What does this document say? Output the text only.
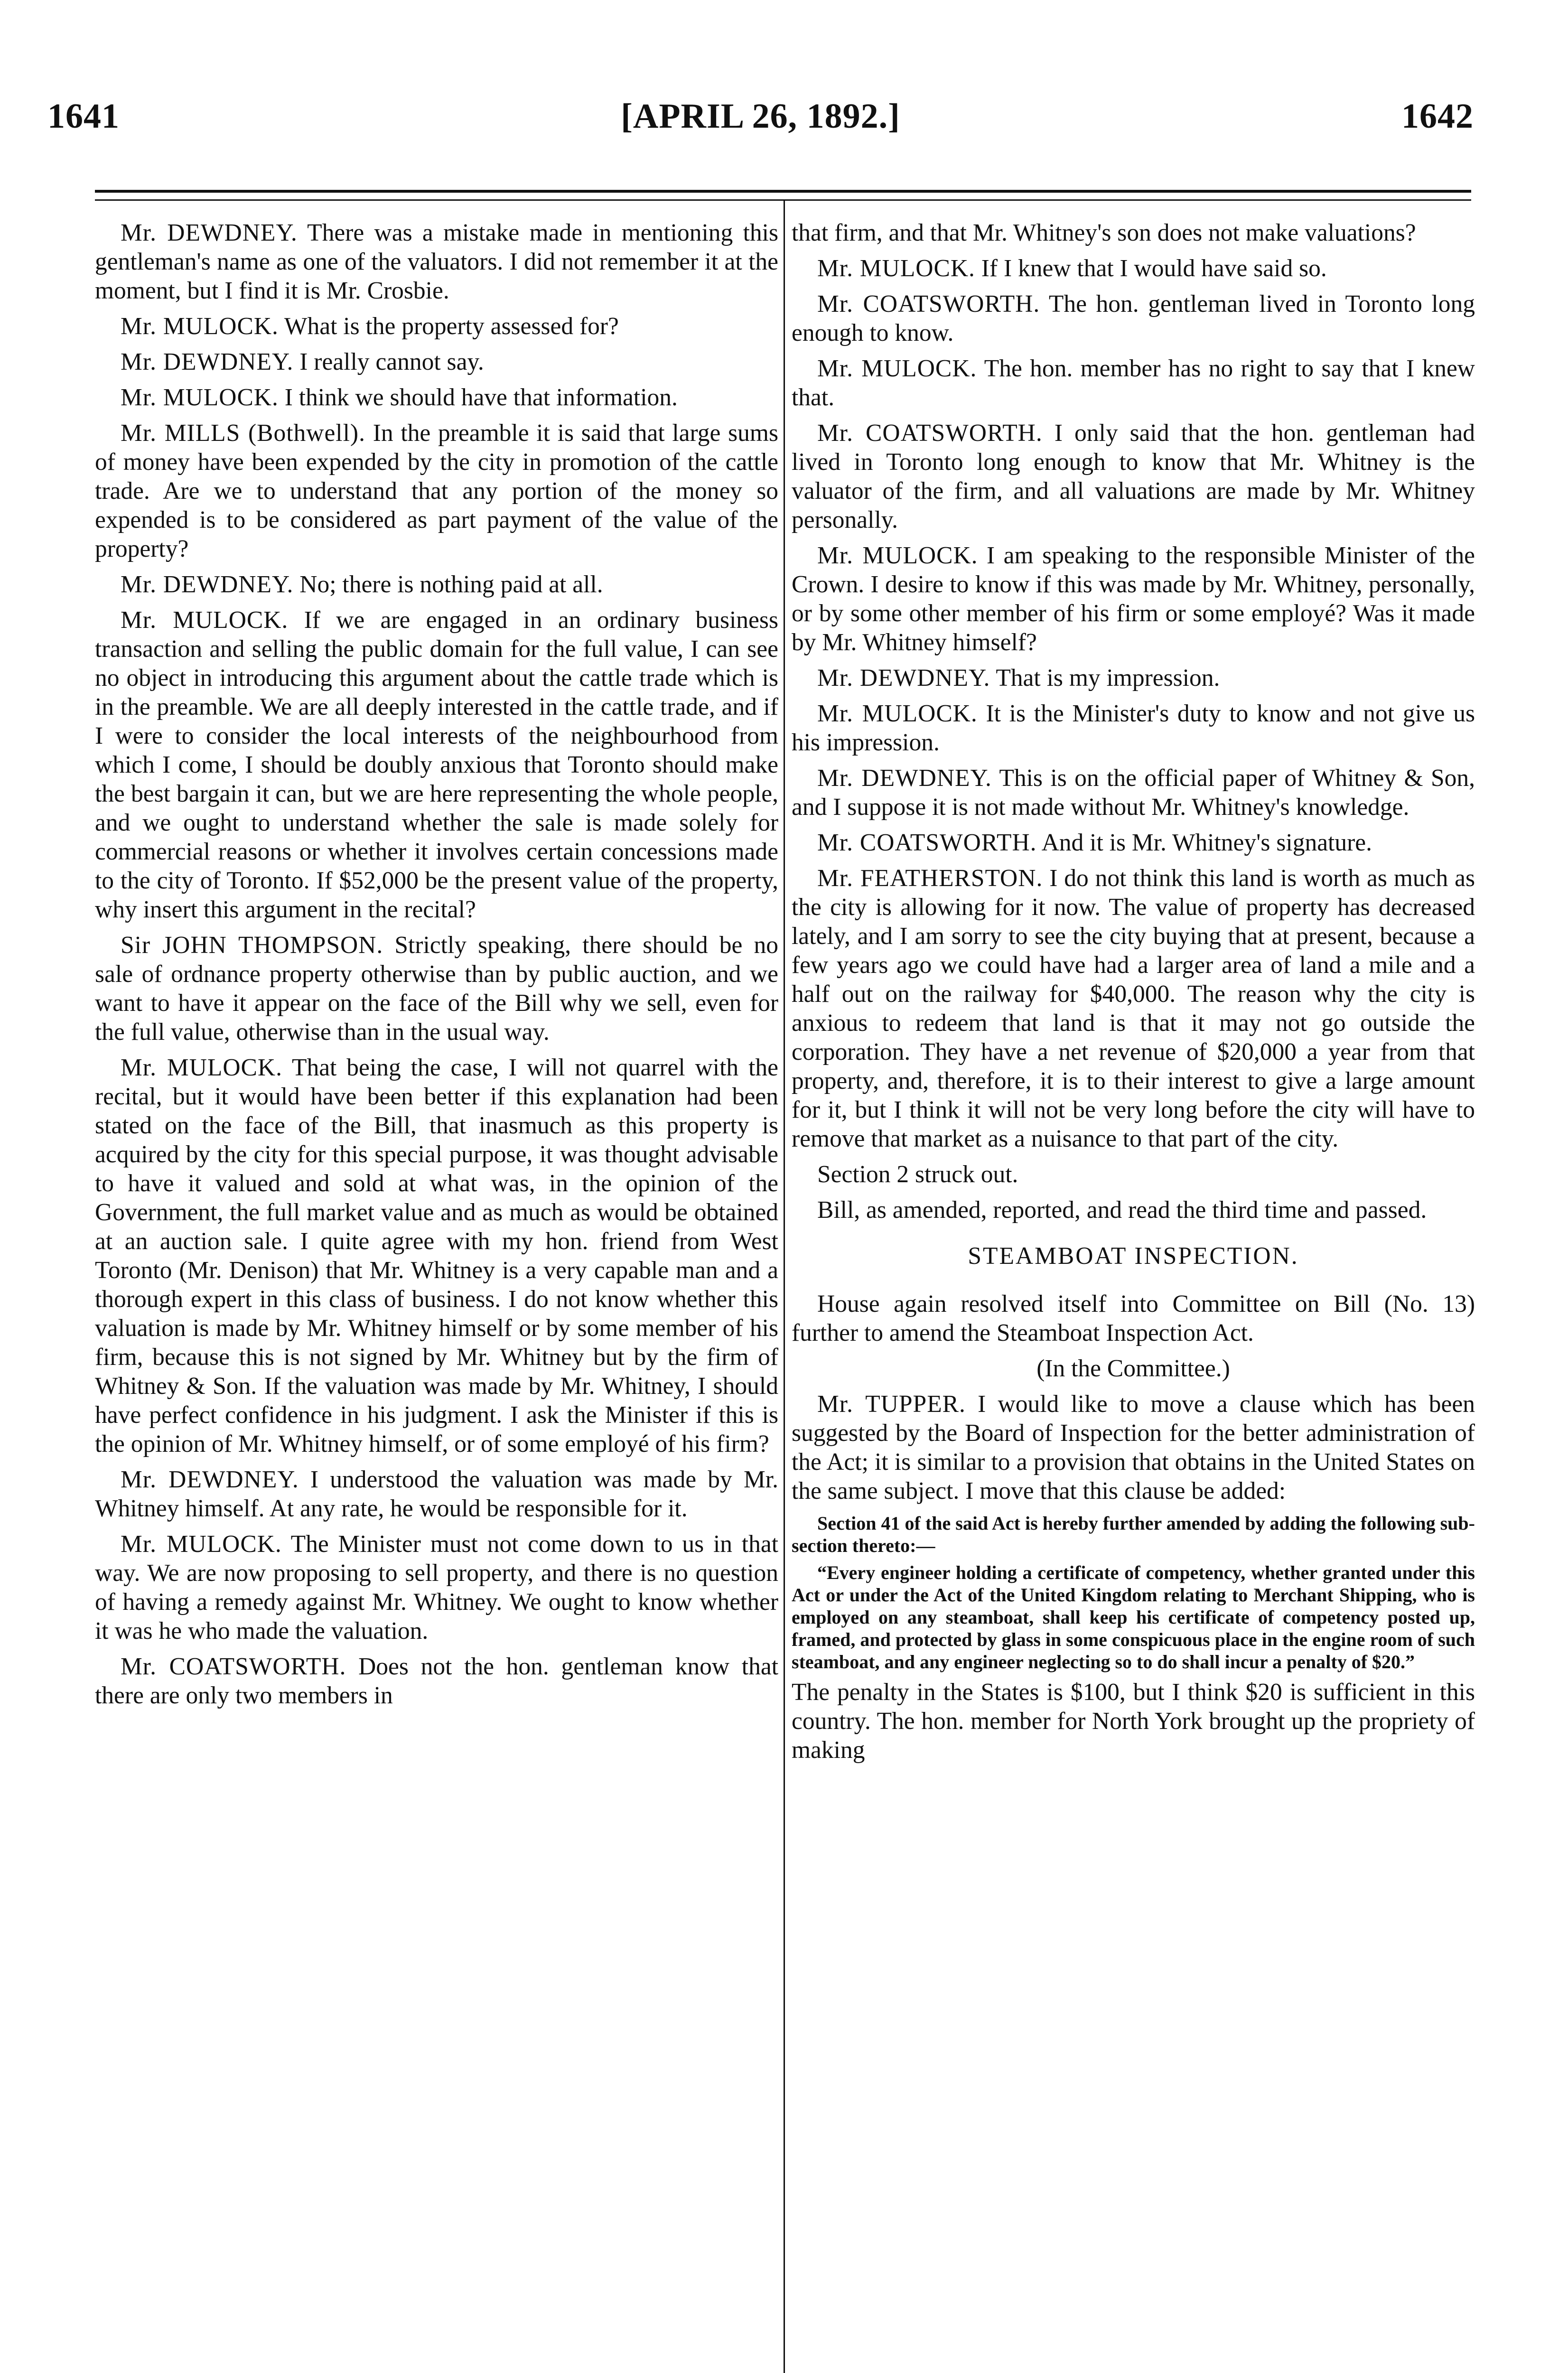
1641	[APRIL 26, 1892.]	1642

Mr. DEWDNEY. There was a mistake made in mentioning this gentleman's name as one of the valuators. I did not remember it at the moment, but I find it is Mr. Crosbie.

Mr. MULOCK. What is the property assessed for?

Mr. DEWDNEY. I really cannot say.

Mr. MULOCK. I think we should have that information.

Mr. MILLS (Bothwell). In the preamble it is said that large sums of money have been expended by the city in promotion of the cattle trade. Are we to understand that any portion of the money so expended is to be considered as part payment of the value of the property?

Mr. DEWDNEY. No; there is nothing paid at all.

Mr. MULOCK. If we are engaged in an ordinary business transaction and selling the public domain for the full value, I can see no object in introducing this argument about the cattle trade which is in the preamble. We are all deeply interested in the cattle trade, and if I were to consider the local interests of the neighbourhood from which I come, I should be doubly anxious that Toronto should make the best bargain it can, but we are here representing the whole people, and we ought to understand whether the sale is made solely for commercial reasons or whether it involves certain concessions made to the city of Toronto. If $52,000 be the present value of the property, why insert this argument in the recital?

Sir JOHN THOMPSON. Strictly speaking, there should be no sale of ordnance property otherwise than by public auction, and we want to have it appear on the face of the Bill why we sell, even for the full value, otherwise than in the usual way.

Mr. MULOCK. That being the case, I will not quarrel with the recital, but it would have been better if this explanation had been stated on the face of the Bill, that inasmuch as this property is acquired by the city for this special purpose, it was thought advisable to have it valued and sold at what was, in the opinion of the Government, the full market value and as much as would be obtained at an auction sale. I quite agree with my hon. friend from West Toronto (Mr. Denison) that Mr. Whitney is a very capable man and a thorough expert in this class of business. I do not know whether this valuation is made by Mr. Whitney himself or by some member of his firm, because this is not signed by Mr. Whitney but by the firm of Whitney & Son. If the valuation was made by Mr. Whitney, I should have perfect confidence in his judgment. I ask the Minister if this is the opinion of Mr. Whitney himself, or of some employé of his firm?

Mr. DEWDNEY. I understood the valuation was made by Mr. Whitney himself. At any rate, he would be responsible for it.

Mr. MULOCK. The Minister must not come down to us in that way. We are now proposing to sell property, and there is no question of having a remedy against Mr. Whitney. We ought to know whether it was he who made the valuation.

Mr. COATSWORTH. Does not the hon. gentleman know that there are only two members in

that firm, and that Mr. Whitney's son does not make valuations?

Mr. MULOCK. If I knew that I would have said so.

Mr. COATSWORTH. The hon. gentleman lived in Toronto long enough to know.

Mr. MULOCK. The hon. member has no right to say that I knew that.

Mr. COATSWORTH. I only said that the hon. gentleman had lived in Toronto long enough to know that Mr. Whitney is the valuator of the firm, and all valuations are made by Mr. Whitney personally.

Mr. MULOCK. I am speaking to the responsible Minister of the Crown. I desire to know if this was made by Mr. Whitney, personally, or by some other member of his firm or some employé? Was it made by Mr. Whitney himself?

Mr. DEWDNEY. That is my impression.

Mr. MULOCK. It is the Minister's duty to know and not give us his impression.

Mr. DEWDNEY. This is on the official paper of Whitney & Son, and I suppose it is not made without Mr. Whitney's knowledge.

Mr. COATSWORTH. And it is Mr. Whitney's signature.

Mr. FEATHERSTON. I do not think this land is worth as much as the city is allowing for it now. The value of property has decreased lately, and I am sorry to see the city buying that at present, because a few years ago we could have had a larger area of land a mile and a half out on the railway for $40,000. The reason why the city is anxious to redeem that land is that it may not go outside the corporation. They have a net revenue of $20,000 a year from that property, and, therefore, it is to their interest to give a large amount for it, but I think it will not be very long before the city will have to remove that market as a nuisance to that part of the city.

Section 2 struck out.

Bill, as amended, reported, and read the third time and passed.

STEAMBOAT INSPECTION.

House again resolved itself into Committee on Bill (No. 13) further to amend the Steamboat Inspection Act.

(In the Committee.)

Mr. TUPPER. I would like to move a clause which has been suggested by the Board of Inspection for the better administration of the Act; it is similar to a provision that obtains in the United States on the same subject. I move that this clause be added:

Section 41 of the said Act is hereby further amended by adding the following sub-section thereto:—

“Every engineer holding a certificate of competency, whether granted under this Act or under the Act of the United Kingdom relating to Merchant Shipping, who is employed on any steamboat, shall keep his certificate of competency posted up, framed, and protected by glass in some conspicuous place in the engine room of such steamboat, and any engineer neglecting so to do shall incur a penalty of $20.”

The penalty in the States is $100, but I think $20 is sufficient in this country. The hon. member for North York brought up the propriety of making
